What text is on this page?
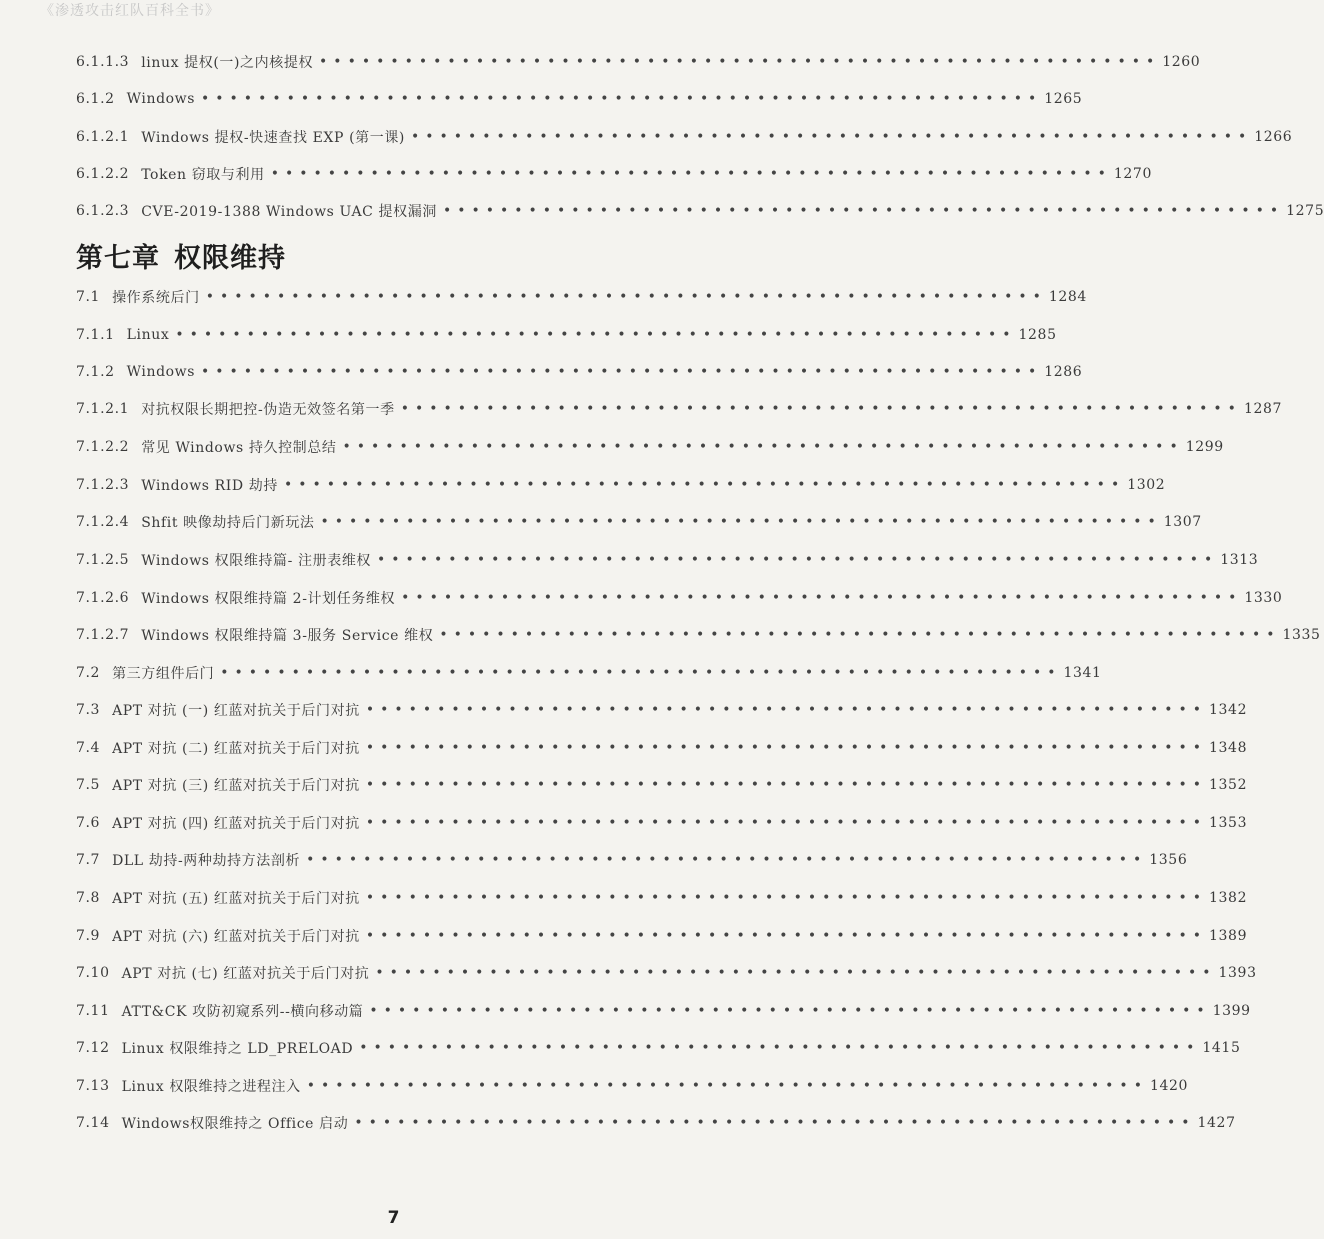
《渗透攻击红队百科全书》
6.1.1.3 linux 提权(一)之内核提权 ••••••••••••••••••••••••••••••••••••••••••••••••••••••••••• 1260
6.1.2 Windows ••••••••••••••••••••••••••••••••••••••••••••••••••••••••••• 1265
6.1.2.1 Windows 提权-快速查找 EXP (第一课) ••••••••••••••••••••••••••••••••••••••••••••••••••••••••••• 1266
6.1.2.2 Token 窃取与利用 ••••••••••••••••••••••••••••••••••••••••••••••••••••••••••• 1270
6.1.2.3 CVE-2019-1388 Windows UAC 提权漏洞 ••••••••••••••••••••••••••••••••••••••••••••••••••••••••••• 1275
第七章 权限维持
7.1 操作系统后门 ••••••••••••••••••••••••••••••••••••••••••••••••••••••••••• 1284
7.1.1 Linux ••••••••••••••••••••••••••••••••••••••••••••••••••••••••••• 1285
7.1.2 Windows ••••••••••••••••••••••••••••••••••••••••••••••••••••••••••• 1286
7.1.2.1 对抗权限长期把控-伪造无效签名第一季 ••••••••••••••••••••••••••••••••••••••••••••••••••••••••••• 1287
7.1.2.2 常见 Windows 持久控制总结 ••••••••••••••••••••••••••••••••••••••••••••••••••••••••••• 1299
7.1.2.3 Windows RID 劫持 ••••••••••••••••••••••••••••••••••••••••••••••••••••••••••• 1302
7.1.2.4 Shfit 映像劫持后门新玩法 ••••••••••••••••••••••••••••••••••••••••••••••••••••••••••• 1307
7.1.2.5 Windows 权限维持篇- 注册表维权 ••••••••••••••••••••••••••••••••••••••••••••••••••••••••••• 1313
7.1.2.6 Windows 权限维持篇 2-计划任务维权 ••••••••••••••••••••••••••••••••••••••••••••••••••••••••••• 1330
7.1.2.7 Windows 权限维持篇 3-服务 Service 维权 ••••••••••••••••••••••••••••••••••••••••••••••••••••••••••• 1335
7.2 第三方组件后门 ••••••••••••••••••••••••••••••••••••••••••••••••••••••••••• 1341
7.3 APT 对抗 (一) 红蓝对抗关于后门对抗 ••••••••••••••••••••••••••••••••••••••••••••••••••••••••••• 1342
7.4 APT 对抗 (二) 红蓝对抗关于后门对抗 ••••••••••••••••••••••••••••••••••••••••••••••••••••••••••• 1348
7.5 APT 对抗 (三) 红蓝对抗关于后门对抗 ••••••••••••••••••••••••••••••••••••••••••••••••••••••••••• 1352
7.6 APT 对抗 (四) 红蓝对抗关于后门对抗 ••••••••••••••••••••••••••••••••••••••••••••••••••••••••••• 1353
7.7 DLL 劫持-两种劫持方法剖析 ••••••••••••••••••••••••••••••••••••••••••••••••••••••••••• 1356
7.8 APT 对抗 (五) 红蓝对抗关于后门对抗 ••••••••••••••••••••••••••••••••••••••••••••••••••••••••••• 1382
7.9 APT 对抗 (六) 红蓝对抗关于后门对抗 ••••••••••••••••••••••••••••••••••••••••••••••••••••••••••• 1389
7.10 APT 对抗 (七) 红蓝对抗关于后门对抗 ••••••••••••••••••••••••••••••••••••••••••••••••••••••••••• 1393
7.11 ATT&CK 攻防初窥系列--横向移动篇 ••••••••••••••••••••••••••••••••••••••••••••••••••••••••••• 1399
7.12 Linux 权限维持之 LD_PRELOAD ••••••••••••••••••••••••••••••••••••••••••••••••••••••••••• 1415
7.13 Linux 权限维持之进程注入 ••••••••••••••••••••••••••••••••••••••••••••••••••••••••••• 1420
7.14 Windows权限维持之 Office 启动 ••••••••••••••••••••••••••••••••••••••••••••••••••••••••••• 1427
7
